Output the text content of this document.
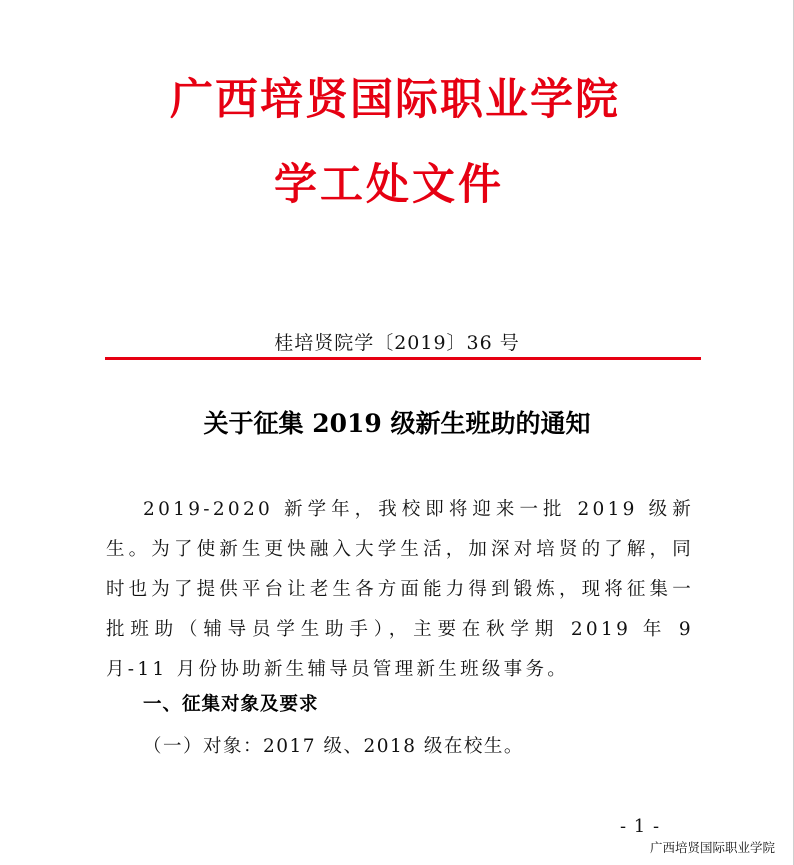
广西培贤国际职业学院
学工处文件
桂培贤院学〔2019〕36 号
关于征集 2019 级新生班助的通知
2019-2020 新学年，我校即将迎来一批 2019 级新生。为了使新生更快融入大学生活，加深对培贤的了解，同时也为了提供平台让老生各方面能力得到锻炼，现将征集一批班助（辅导员学生助手），主要在秋学期 2019 年 9 月-11 月份协助新生辅导员管理新生班级事务。
一、征集对象及要求
（一）对象：2017 级、2018 级在校生。
- 1 -
广西培贤国际职业学院
